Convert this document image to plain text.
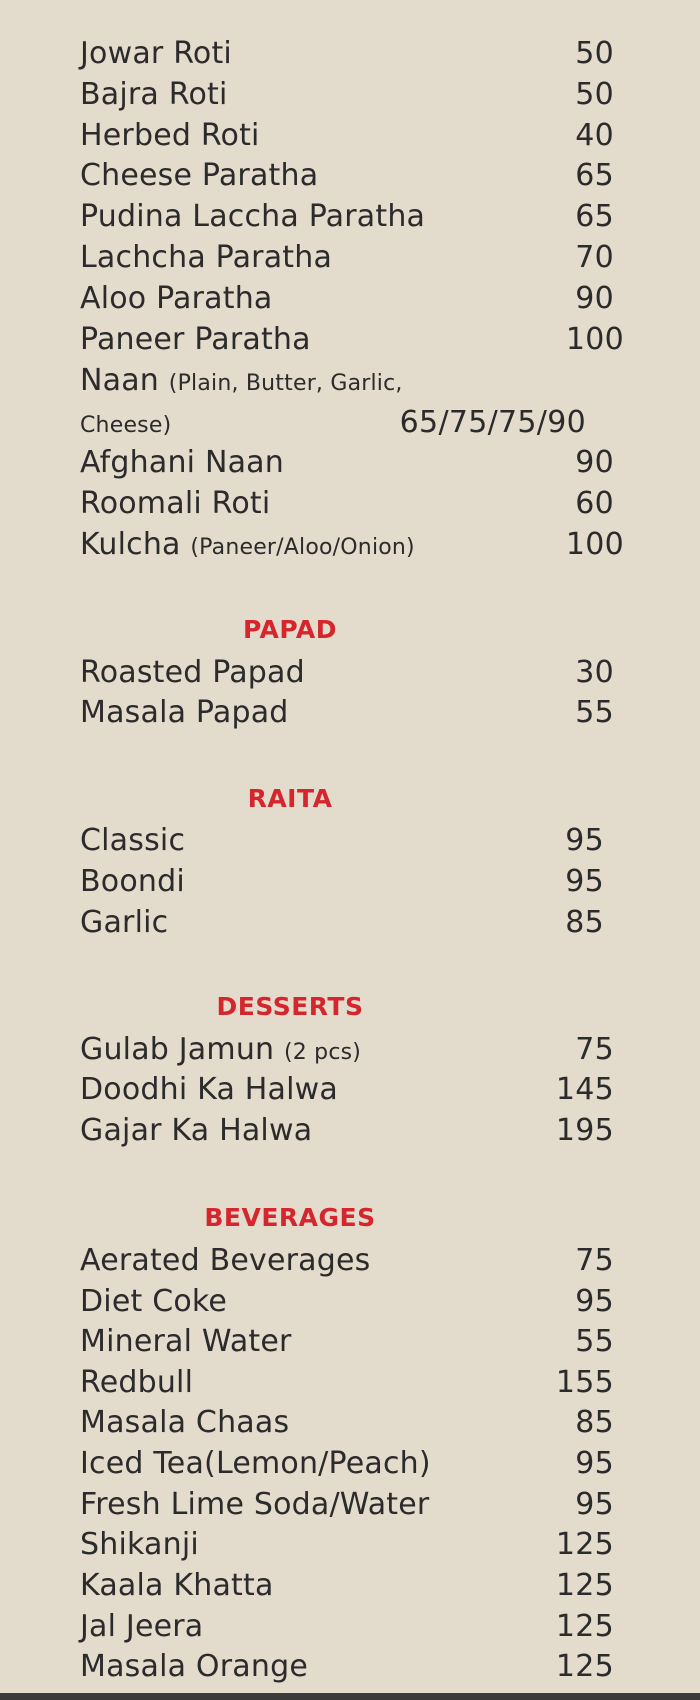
Jowar Roti	50
Bajra Roti	50
Herbed Roti	40
Cheese Paratha	65
Pudina Laccha Paratha	65
Lachcha Paratha	70
Aloo Paratha	90
Paneer Paratha	100
Naan (Plain, Butter, Garlic,
Cheese)	65/75/75/90
Afghani Naan	90
Roomali Roti	60
Kulcha (Paneer/Aloo/Onion)	100
PAPAD
Roasted Papad	30
Masala Papad	55
RAITA
Classic	95
Boondi	95
Garlic	85
DESSERTS
Gulab Jamun (2 pcs)	75
Doodhi Ka Halwa	145
Gajar Ka Halwa	195
BEVERAGES
Aerated Beverages	75
Diet Coke	95
Mineral Water	55
Redbull	155
Masala Chaas	85
Iced Tea(Lemon/Peach)	95
Fresh Lime Soda/Water	95
Shikanji	125
Kaala Khatta	125
Jal Jeera	125
Masala Orange	125
